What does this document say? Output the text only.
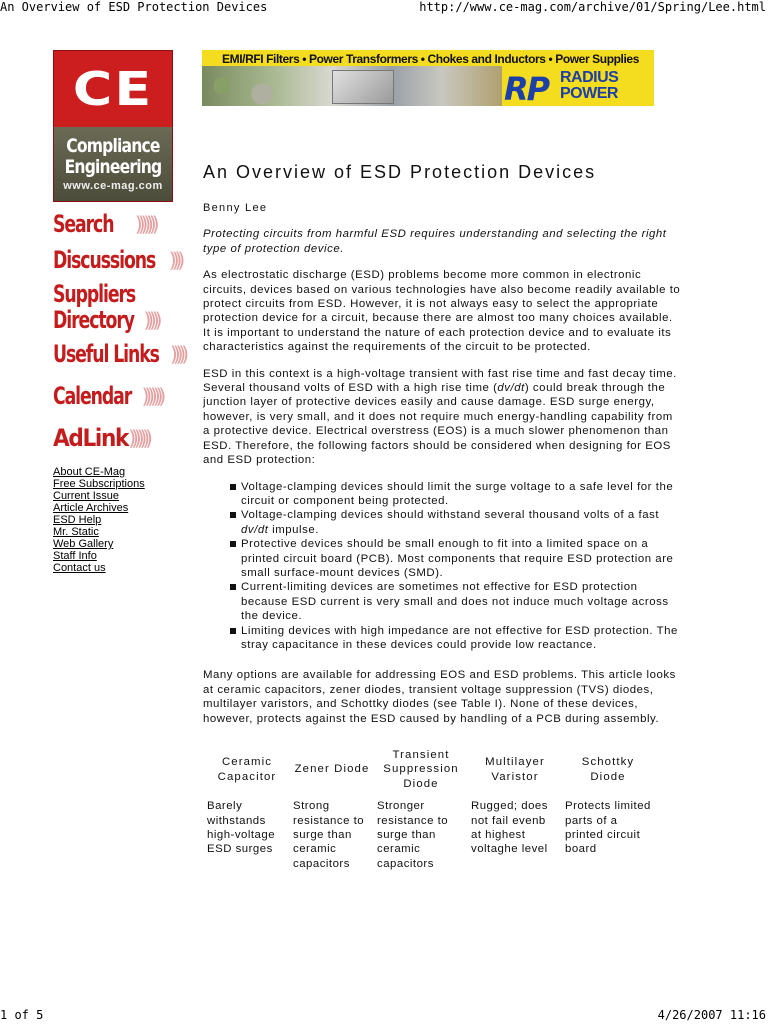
An Overview of ESD Protection Devices	http://www.ce-mag.com/archive/01/Spring/Lee.html
CE
Compliance
Engineering
www.ce-mag.com
Search )))))))
Discussions ))))
Suppliers
Directory )))))
Useful Links )))))
Calendar )))))))
AdLink )))))))
About CE-Mag
Free Subscriptions
Current Issue
Article Archives
ESD Help
Mr. Static
Web Gallery
Staff Info
Contact us
EMI/RFI Filters • Power Transformers • Chokes and Inductors • Power Supplies
RP RADIUS
POWER
An Overview of ESD Protection Devices

Benny Lee

Protecting circuits from harmful ESD requires understanding and selecting the right type of protection device.

As electrostatic discharge (ESD) problems become more common in electronic circuits, devices based on various technologies have also become readily available to protect circuits from ESD. However, it is not always easy to select the appropriate protection device for a circuit, because there are almost too many choices available. It is important to understand the nature of each protection device and to evaluate its characteristics against the requirements of the circuit to be protected.

ESD in this context is a high-voltage transient with fast rise time and fast decay time. Several thousand volts of ESD with a high rise time (dv/dt) could break through the junction layer of protective devices easily and cause damage. ESD surge energy, however, is very small, and it does not require much energy-handling capability from a protective device. Electrical overstress (EOS) is a much slower phenomenon than ESD. Therefore, the following factors should be considered when designing for EOS and ESD protection:

Voltage-clamping devices should limit the surge voltage to a safe level for the circuit or component being protected.
Voltage-clamping devices should withstand several thousand volts of a fast dv/dt impulse.
Protective devices should be small enough to fit into a limited space on a printed circuit board (PCB). Most components that require ESD protection are small surface-mount devices (SMD).
Current-limiting devices are sometimes not effective for ESD protection because ESD current is very small and does not induce much voltage across the device.
Limiting devices with high impedance are not effective for ESD protection. The stray capacitance in these devices could provide low reactance.

Many options are available for addressing EOS and ESD problems. This article looks at ceramic capacitors, zener diodes, transient voltage suppression (TVS) diodes, multilayer varistors, and Schottky diodes (see Table I). None of these devices, however, protects against the ESD caused by handling of a PCB during assembly.

Ceramic Capacitor	Zener Diode	Transient Suppression Diode	Multilayer Varistor	Schottky Diode
Barely withstands high-voltage ESD surges	Strong resistance to surge than ceramic capacitors	Stronger resistance to surge than ceramic capacitors	Rugged; does not fail evenb at highest voltaghe level	Protects limited parts of a printed circuit board
1 of 5	4/26/2007 11:16
